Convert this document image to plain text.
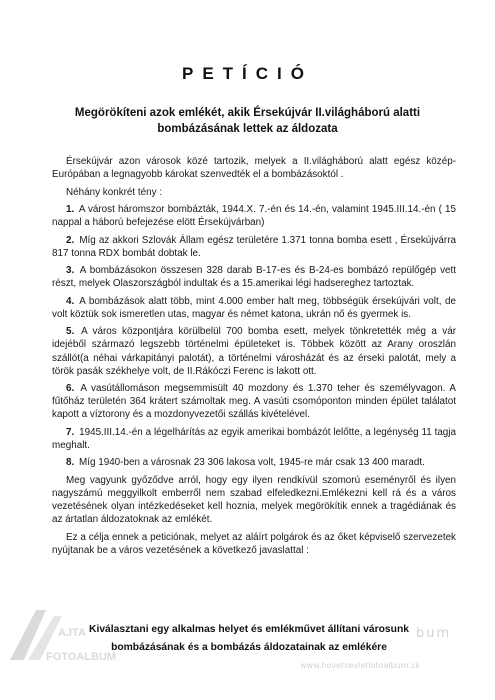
PETÍCIÓ
Megörökíteni azok emlékét, akik Érsekújvár II.világháború alatti bombázásának lettek az áldozata

Érsekújvár azon városok közé tartozik, melyek a II.világháború alatt egész közép-Európában a legnagyobb károkat szenvedték el a bombázásoktól .

Néhány konkrét tény :

1. A várost háromszor bombázták, 1944.X. 7.-én és 14.-én, valamint 1945.III.14.-én ( 15 nappal a háború befejezése elött Érsekújvárban)

2. Míg az akkori Szlovák Állam egész területére 1.371 tonna bomba esett , Érsekújvárra 817 tonna RDX bombát dobtak le.

3. A bombázásokon összesen 328 darab B-17-es és B-24-es bombázó repülőgép vett részt, melyek Olaszországból indultak és a 15.amerikai légi hadsereghez tartoztak.

4. A bombázások alatt több, mint 4.000 ember halt meg, többségük érsekújvári volt, de volt köztük sok ismeretlen utas, magyar és német katona, ukrán nő és gyermek is.

5. A város központjára körülbelül 700 bomba esett, melyek tönkretették még a vár idejéből származó legszebb történelmi épületeket is. Többek között az Arany oroszlán szállót(a néhai várkapitányi palotát), a történelmi városházát és az érseki palotát, mely a török pasák székhelye volt, de II.Rákóczi Ferenc is lakott ott.

6. A vasútállomáson megsemmisült 40 mozdony és 1.370 teher és személyvagon. A fűtőház területén 364 krátert számoltak meg. A vasúti csomóponton minden épület találatot kapott a víztorony és a mozdonyvezetői szállás kivételével.

7. 1945.III.14.-én a légelhárítás az egyik amerikai bombázót lelőtte, a legénység 11 tagja meghalt.

8. Míg 1940-ben a városnak 23 306 lakosa volt, 1945-re már csak 13 400 maradt.

Meg vagyunk győződve arról, hogy egy ilyen rendkívül szomorú eseményről és ilyen nagyszámú meggyilkolt emberről nem szabad elfeledkezni.Emlékezni kell rá és a város vezetésének olyan intézkedéseket kell hoznia, melyek megörökítik ennek a tragédiának és az ártatlan áldozatoknak az emlékét.

Ez a célja ennek a peticiónak, melyet az aláírt polgárok és az őket képviselő szervezetek nyújtanak be a város vezetésének a következő javaslattal :

Kiválasztani egy alkalmas helyet és emlékművet állítani városunk
bombázásának és a bombázás áldozatainak az emlékére
AJTA
FOTOALBUM
bum
www.hovetsevletlotoalbum.sk
